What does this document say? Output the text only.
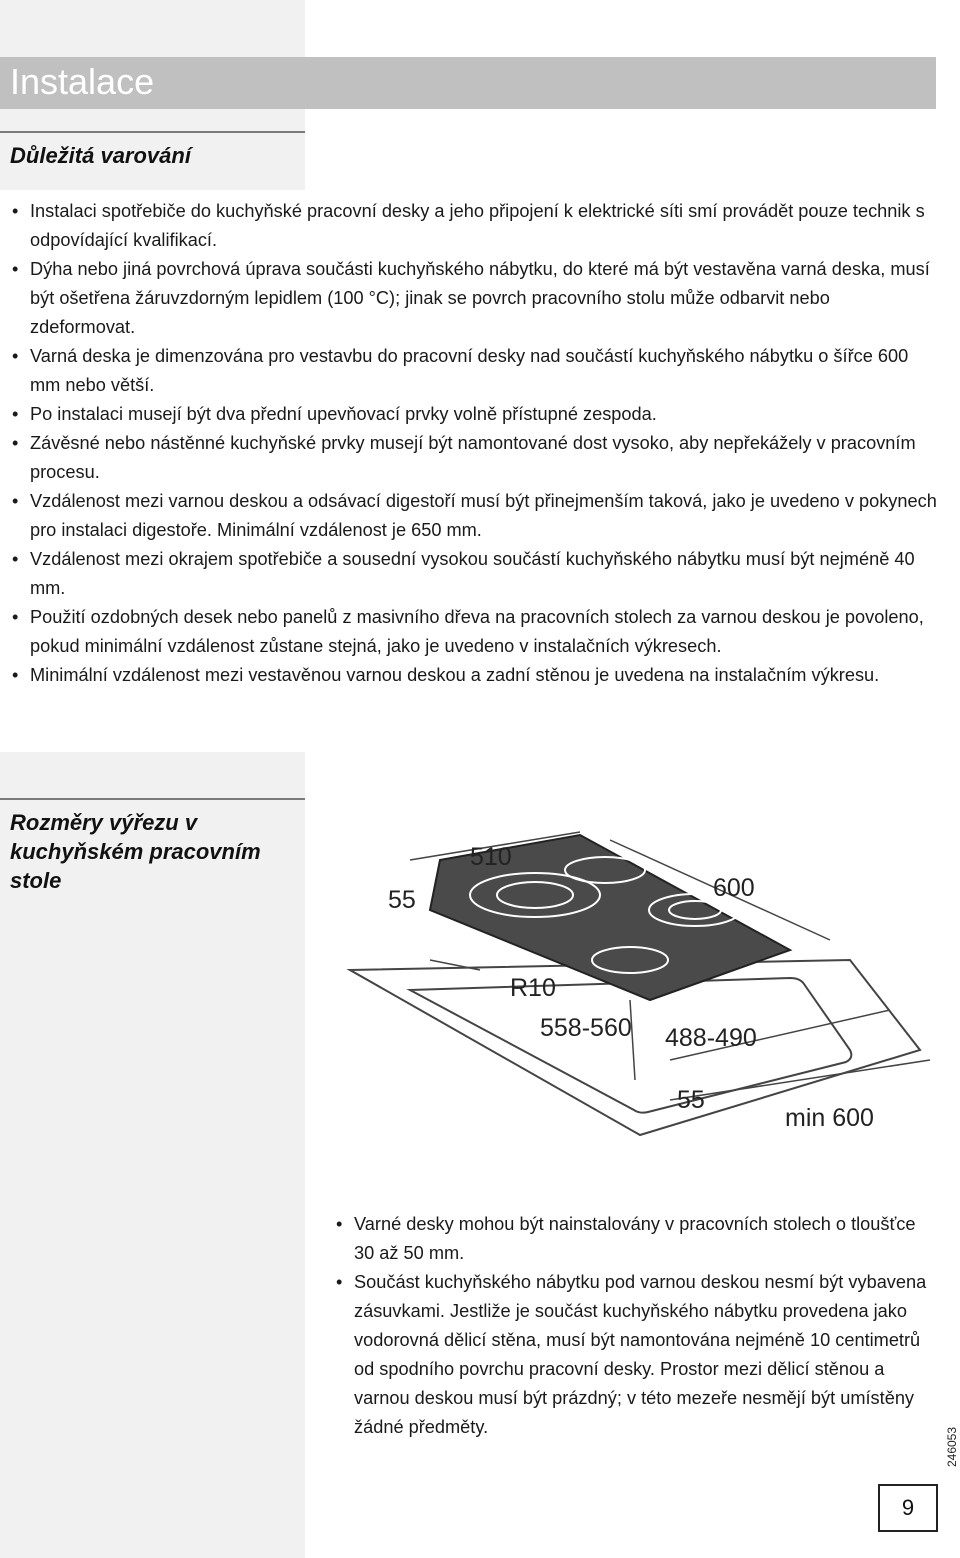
Instalace
Důležitá varování
• Instalaci spotřebiče do kuchyňské pracovní desky a jeho připojení k elektrické síti smí provádět pouze technik s odpovídající kvalifikací.
• Dýha nebo jiná povrchová úprava součásti kuchyňského nábytku, do které má být vestavěna varná deska, musí být ošetřena žáruvzdorným lepidlem (100 °C); jinak se povrch pracovního stolu může odbarvit nebo zdeformovat.
• Varná deska je dimenzována pro vestavbu do pracovní desky nad součástí kuchyňského nábytku o šířce 600 mm nebo větší.
• Po instalaci musejí být dva přední upevňovací prvky volně přístupné zespoda.
• Závěsné nebo nástěnné kuchyňské prvky musejí být namontované dost vysoko, aby nepřekážely v pracovním procesu.
• Vzdálenost mezi varnou deskou a odsávací digestoří musí být přinejmenším taková, jako je uvedeno v pokynech pro instalaci digestoře. Minimální vzdálenost je 650 mm.
• Vzdálenost mezi okrajem spotřebiče a sousední vysokou součástí kuchyňského nábytku musí být nejméně 40 mm.
• Použití ozdobných desek nebo panelů z masivního dřeva na pracovních stolech za varnou deskou je povoleno, pokud minimální vzdálenost zůstane stejná, jako je uvedeno v instalačních výkresech.
• Minimální vzdálenost mezi vestavěnou varnou deskou a zadní stěnou je uvedena na instalačním výkresu.
Rozměry výřezu v kuchyňském pracovním stole
510
55	600
R10
558-560 488-490
55
min 600
• Varné desky mohou být nainstalovány v pracovních stolech o tloušťce 30 až 50 mm.
• Součást kuchyňského nábytku pod varnou deskou nesmí být vybavena zásuvkami. Jestliže je součást kuchyňského nábytku provedena jako vodorovná dělicí stěna, musí být namontována nejméně 10 centimetrů od spodního povrchu pracovní desky. Prostor mezi dělicí stěnou a varnou deskou musí být prázdný; v této mezeře nesmějí být umístěny žádné předměty.	246053
9
